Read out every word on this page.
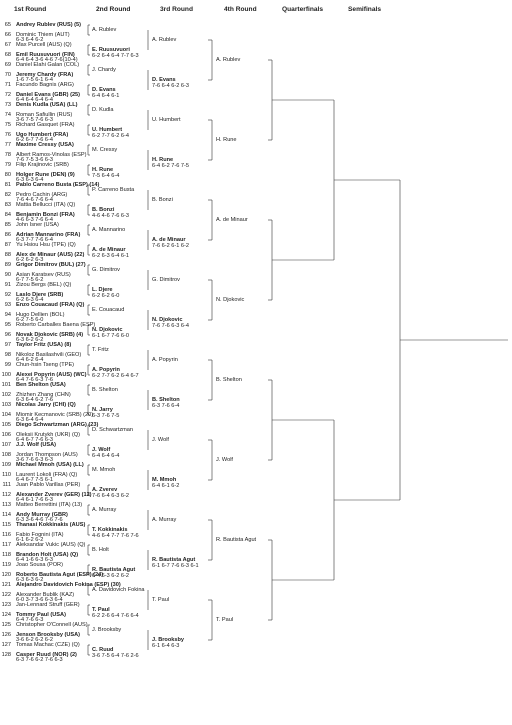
1st Round	2nd Round	3rd Round	4th Round	Quarterfinals	Semifinals
65 Andrey Rublev (RUS) (5)
66 Dominic Thiem (AUT)
6-3 6-4 6-2
67 Max Purcell (AUS) (Q)
68 Emil Ruusuvuori (FIN)
6-4 6-4 3-6 4-6 7-6(10-4)
69 Daniel Elahi Galan (COL)
70 Jeremy Chardy (FRA)
1-6 7-5 6-1 6-4
71 Facundo Bagnis (ARG)
72 Daniel Evans (GBR) (25)
6-4 6-4 6-4 6-4
73 Denis Kudla (USA) (LL)
74 Roman Safiullin (RUS)
3-6 7-5 7-6 6-3
75 Richard Gasquet (FRA)
76 Ugo Humbert (FRA)
6-2 6-7 7-6 6-4
77 Maxime Cressy (USA)
78 Albert Ramos-Vinolas (ESP)
7-6 7-5 3-6 6-3
79 Filip Krajinovic (SRB)
80 Holger Rune (DEN) (9)
6-3 6-3 6-4
81 Pablo Carreno Busta (ESP) (14)
82 Pedro Cachin (ARG)
7-6 4-6 7-6 6-4
83 Mattia Bellucci (ITA) (Q)
84 Benjamin Bonzi (FRA)
4-6 6-3 7-6 6-4
85 John Isner (USA)
86 Adrian Mannarino (FRA)
6-3 7-7 7-6 6-4
87 Yu Hsiou Hsu (TPE) (Q)
88 Alex de Minaur (AUS) (22)
6-2 6-2 6-3
89 Grigor Dimitrov (BUL) (27)
90 Asian Karatsev (RUS)
6-7 7-5 6-2
91 Zizou Bergs (BEL) (Q)
92 Laslo Djere (SRB)
6-2 6-3 6-4
93 Enzo Couacaud (FRA) (Q)
94 Hugo Dellien (BOL)
6-2 7-5 6-0
95 Roberto Carballes Baena (ESP)
96 Novak Djokovic (SRB) (4)
6-3 6-2 6-2
97 Taylor Fritz (USA) (8)
98 Nikoloz Basilashvili (GEO)
6-4 6-2 6-4
99 Chun-hsin Tseng (TPE)
100 Alexei Popyrin (AUS) (WC)
6-4 7-6 6-3 7-6
101 Ben Shelton (USA)
102 Zhizhen Zhang (CHN)
6-3 6-4 6-2 7-6
103 Nicolas Jarry (CHI) (Q)
104 Miomir Kecmanovic (SRB) (20)
6-3 6-4 6-4
105 Diego Schwartzman (ARG) (23)
106 Oleksii Krutykh (UKR) (Q)
6-4 6-7 7-6 6-3
107 J.J. Wolf (USA)
108 Jordan Thompson (AUS)
3-6 7-6 6-3 6-3
109 Michael Mmoh (USA) (LL)
110 Laurent Lokoli (FRA) (Q)
6-4 6-7 7-5 6-1
111 Juan Pablo Varillas (PER)
112 Alexander Zverev (GER) (12)
6-4 6-1 7-6 6-3
113 Matteo Berrettini (ITA) (13)
114 Andy Murray (GBR)
6-3 3-6 4-6 7-6 7-6
115 Thanasi Kokkinakis (AUS)
116 Fabio Fognini (ITA)
6-1 6-2 6-2
117 Aleksandar Vukic (AUS) (Q)
118 Brandon Holt (USA) (Q)
6-4 1-6 6-3 6-3
119 Joao Sousa (POR)
120 Roberto Bautista Agut (ESP) (24)
6-3 6-3 6-2
121 Alejandro Davidovich Fokina (ESP) (30)
122 Alexander Bublik (KAZ)
6-0 3-7 3-6 6-3 6-4
123 Jan-Lennard Struff (GER)
124 Tommy Paul (USA)
6-4 7-6 6-3
125 Christopher O'Connell (AUS)
126 Jenson Brooksby (USA)
3-6 6-2 6-2 6-2
127 Tomas Machac (CZE) (Q)
128 Casper Ruud (NOR) (2)
6-3 7-6 6-2 7-6 6-3
A. Rublev
E. Ruusuvuori
6-2 6-4 6-4 7-7 6-3
J. Chardy
D. Evans
6-4 6-4 6-1
D. Kudla
U. Humbert
6-2 7-7 6-2 6-4
M. Cressy
H. Rune
7-5 6-4 6-4
P. Carreno Busta
B. Bonzi
4-6 4-6 7-6 6-3
A. Mannarino
A. de Minaur
6-2 6-3 6-4 6-1
G. Dimitrov
L. Djere
6-2 6-2 6-0
E. Couacaud
N. Djokovic
6-1 6-7 7-6 6-0
T. Fritz
A. Popyrin
6-2 7-7 6-2 6-4 6-7
B. Shelton
N. Jarry
6-3 7-6 7-5
D. Schwartzman
J. Wolf
6-4 6-4 6-4
M. Mmoh
A. Zverev
7-6 6-4 6-3 6-2
A. Murray
T. Kokkinakis
4-6 6-4 7-7 7-6 7-6
B. Holt
R. Bautista Agut
6-4 6-3 6-2 6-2
A. Davidovich Fokina
T. Paul
6-2 2-6 6-4 7-6 6-4
J. Brooksby
C. Ruud
3-6 7-5 6-4 7-6 2-6
A. Rublev
D. Evans
7-6 6-4 6-2 6-3
U. Humbert
H. Rune
6-4 6-2 7-6 7-5
B. Bonzi
A. de Minaur
7-6 6-2 6-1 6-2
G. Dimitrov
N. Djokovic
7-6 7-6 6-3 6-4
A. Popyrin
B. Shelton
6-3 7-6 6-4
J. Wolf
M. Mmoh
6-4 6-1 6-2
A. Murray
R. Bautista Agut
6-1 6-7 7-6 6-3 6-1
T. Paul
J. Brooksby
6-1 6-4 6-3
A. Rublev
H. Rune
A. de Minaur
N. Djokovic
B. Shelton
J. Wolf
R. Bautista Agut
T. Paul
